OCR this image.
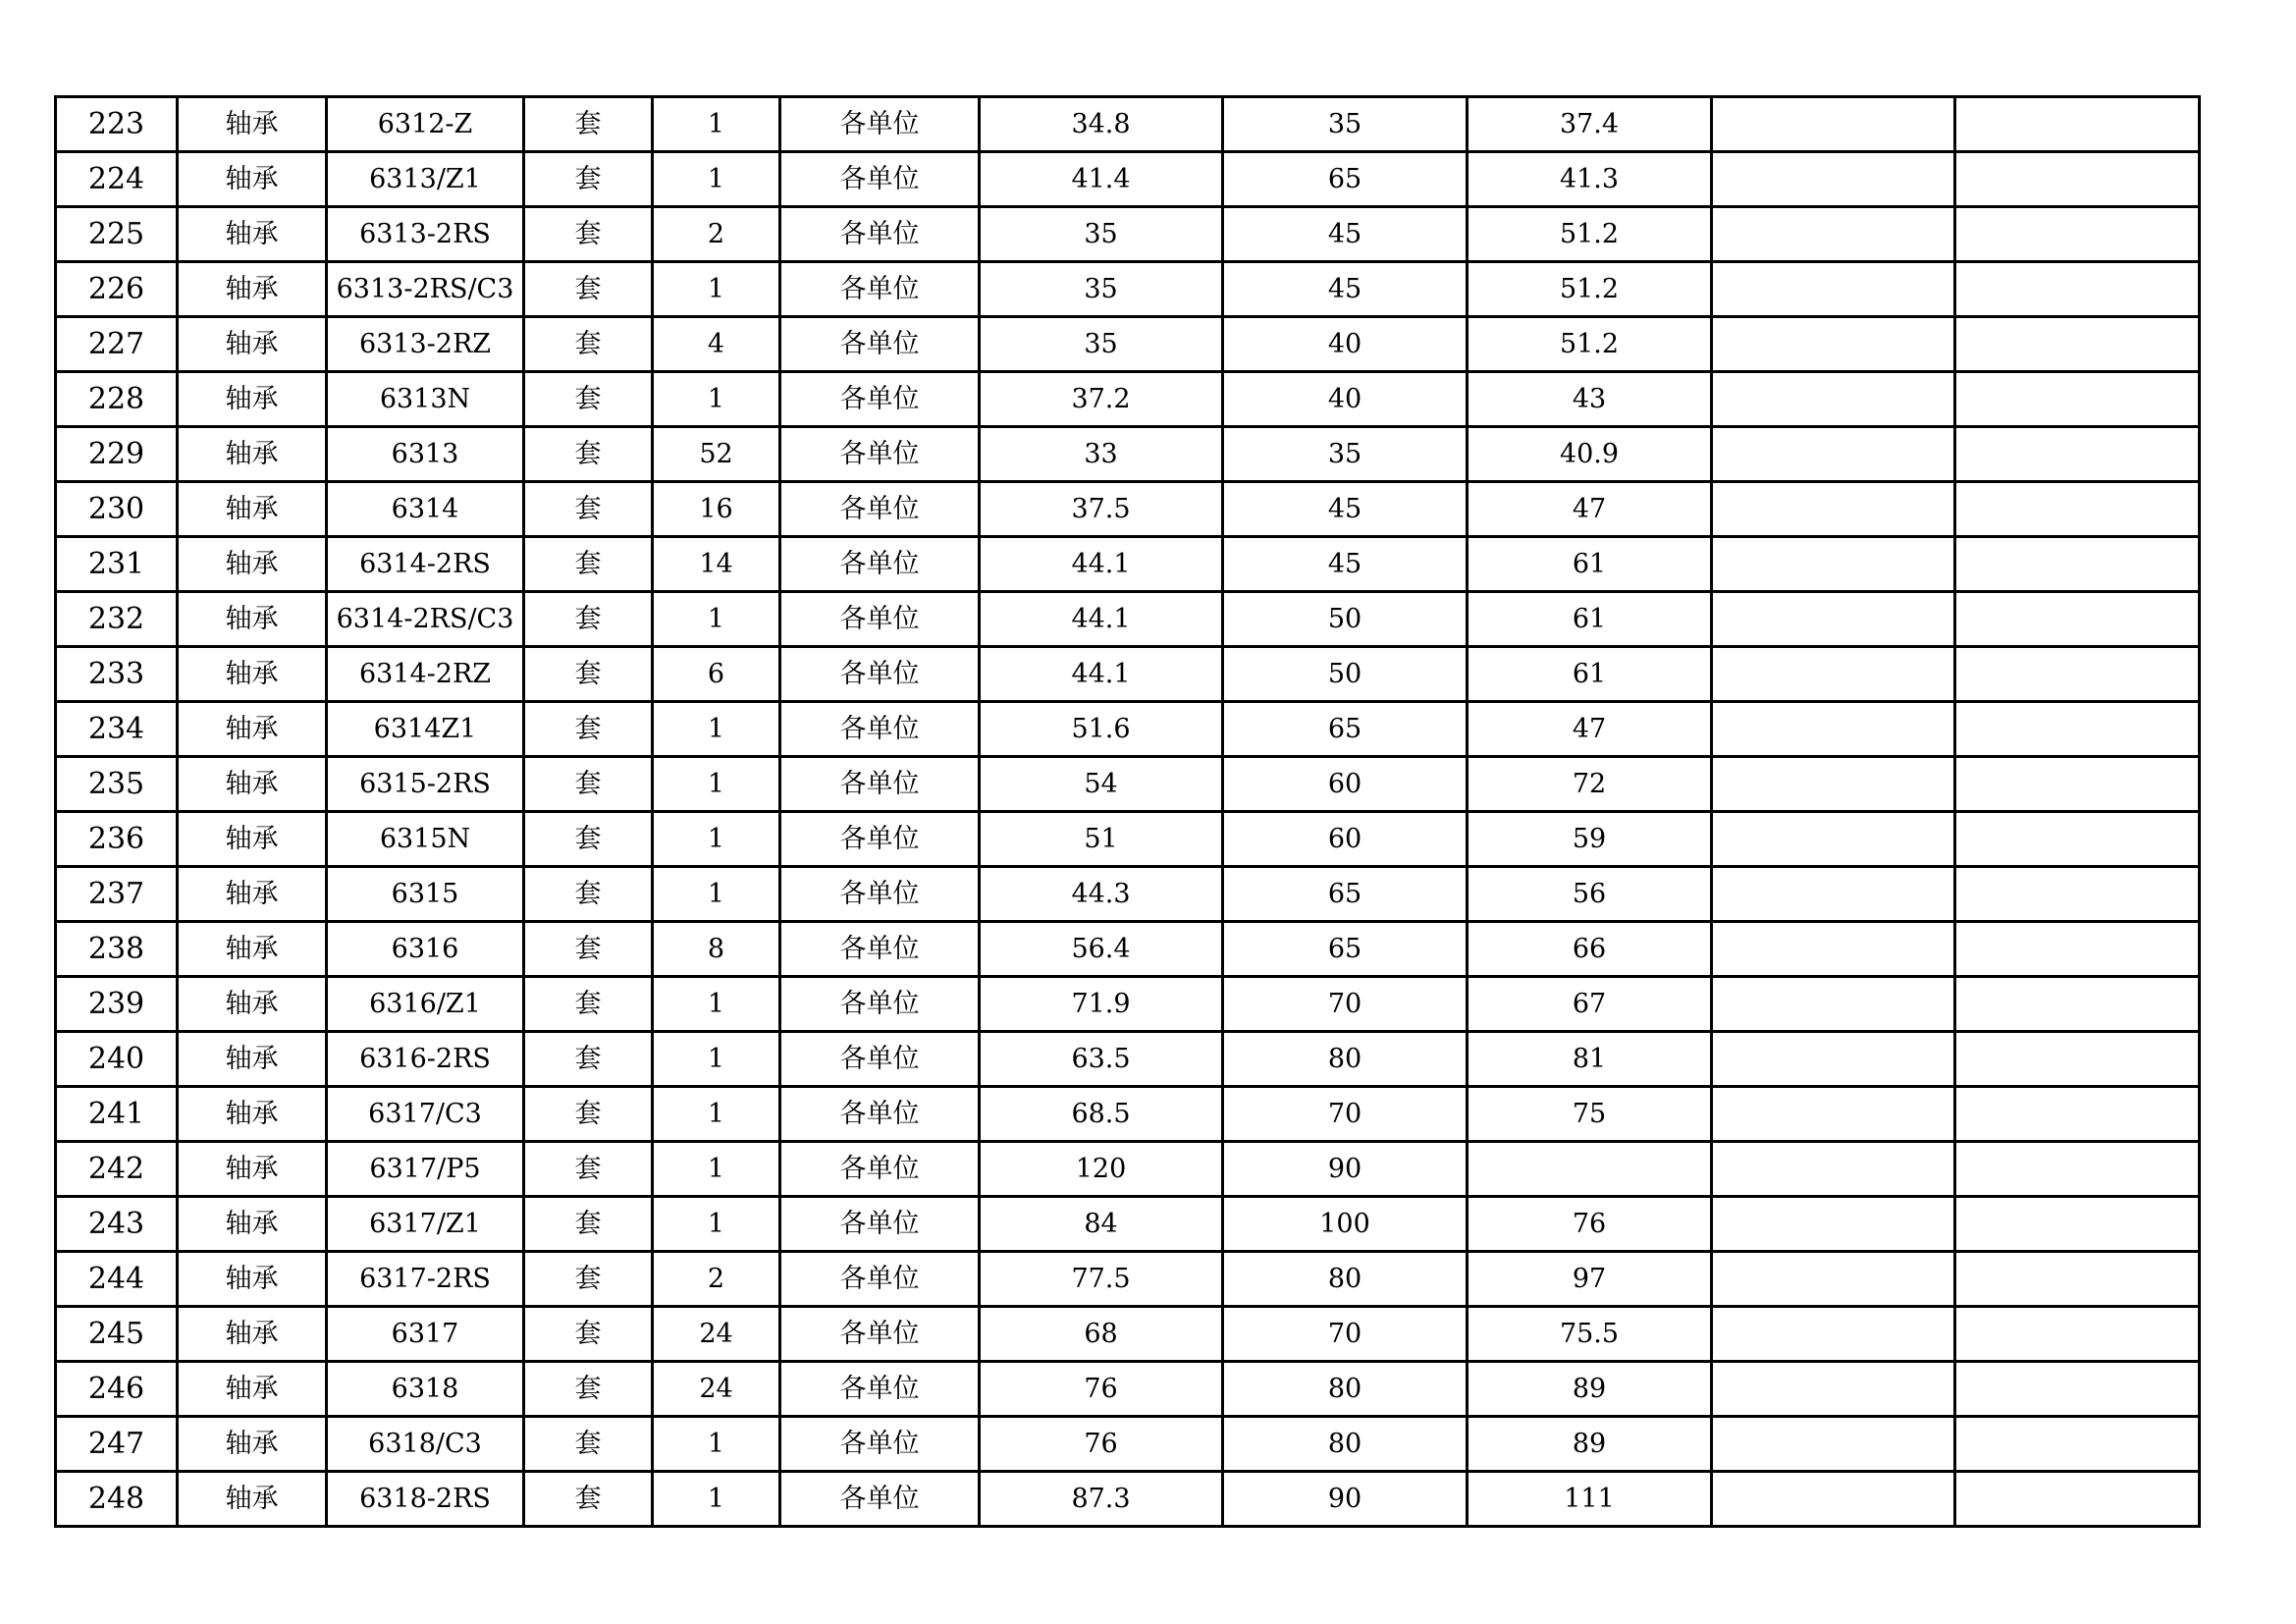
223	轴承	6312-Z	套	1	各单位	34.8	35	37.4		
224	轴承	6313/Z1	套	1	各单位	41.4	65	41.3		
225	轴承	6313-2RS	套	2	各单位	35	45	51.2		
226	轴承	6313-2RS/C3	套	1	各单位	35	45	51.2		
227	轴承	6313-2RZ	套	4	各单位	35	40	51.2		
228	轴承	6313N	套	1	各单位	37.2	40	43		
229	轴承	6313	套	52	各单位	33	35	40.9		
230	轴承	6314	套	16	各单位	37.5	45	47		
231	轴承	6314-2RS	套	14	各单位	44.1	45	61		
232	轴承	6314-2RS/C3	套	1	各单位	44.1	50	61		
233	轴承	6314-2RZ	套	6	各单位	44.1	50	61		
234	轴承	6314Z1	套	1	各单位	51.6	65	47		
235	轴承	6315-2RS	套	1	各单位	54	60	72		
236	轴承	6315N	套	1	各单位	51	60	59		
237	轴承	6315	套	1	各单位	44.3	65	56		
238	轴承	6316	套	8	各单位	56.4	65	66		
239	轴承	6316/Z1	套	1	各单位	71.9	70	67		
240	轴承	6316-2RS	套	1	各单位	63.5	80	81		
241	轴承	6317/C3	套	1	各单位	68.5	70	75		
242	轴承	6317/P5	套	1	各单位	120	90			
243	轴承	6317/Z1	套	1	各单位	84	100	76		
244	轴承	6317-2RS	套	2	各单位	77.5	80	97		
245	轴承	6317	套	24	各单位	68	70	75.5		
246	轴承	6318	套	24	各单位	76	80	89		
247	轴承	6318/C3	套	1	各单位	76	80	89		
248	轴承	6318-2RS	套	1	各单位	87.3	90	111		
